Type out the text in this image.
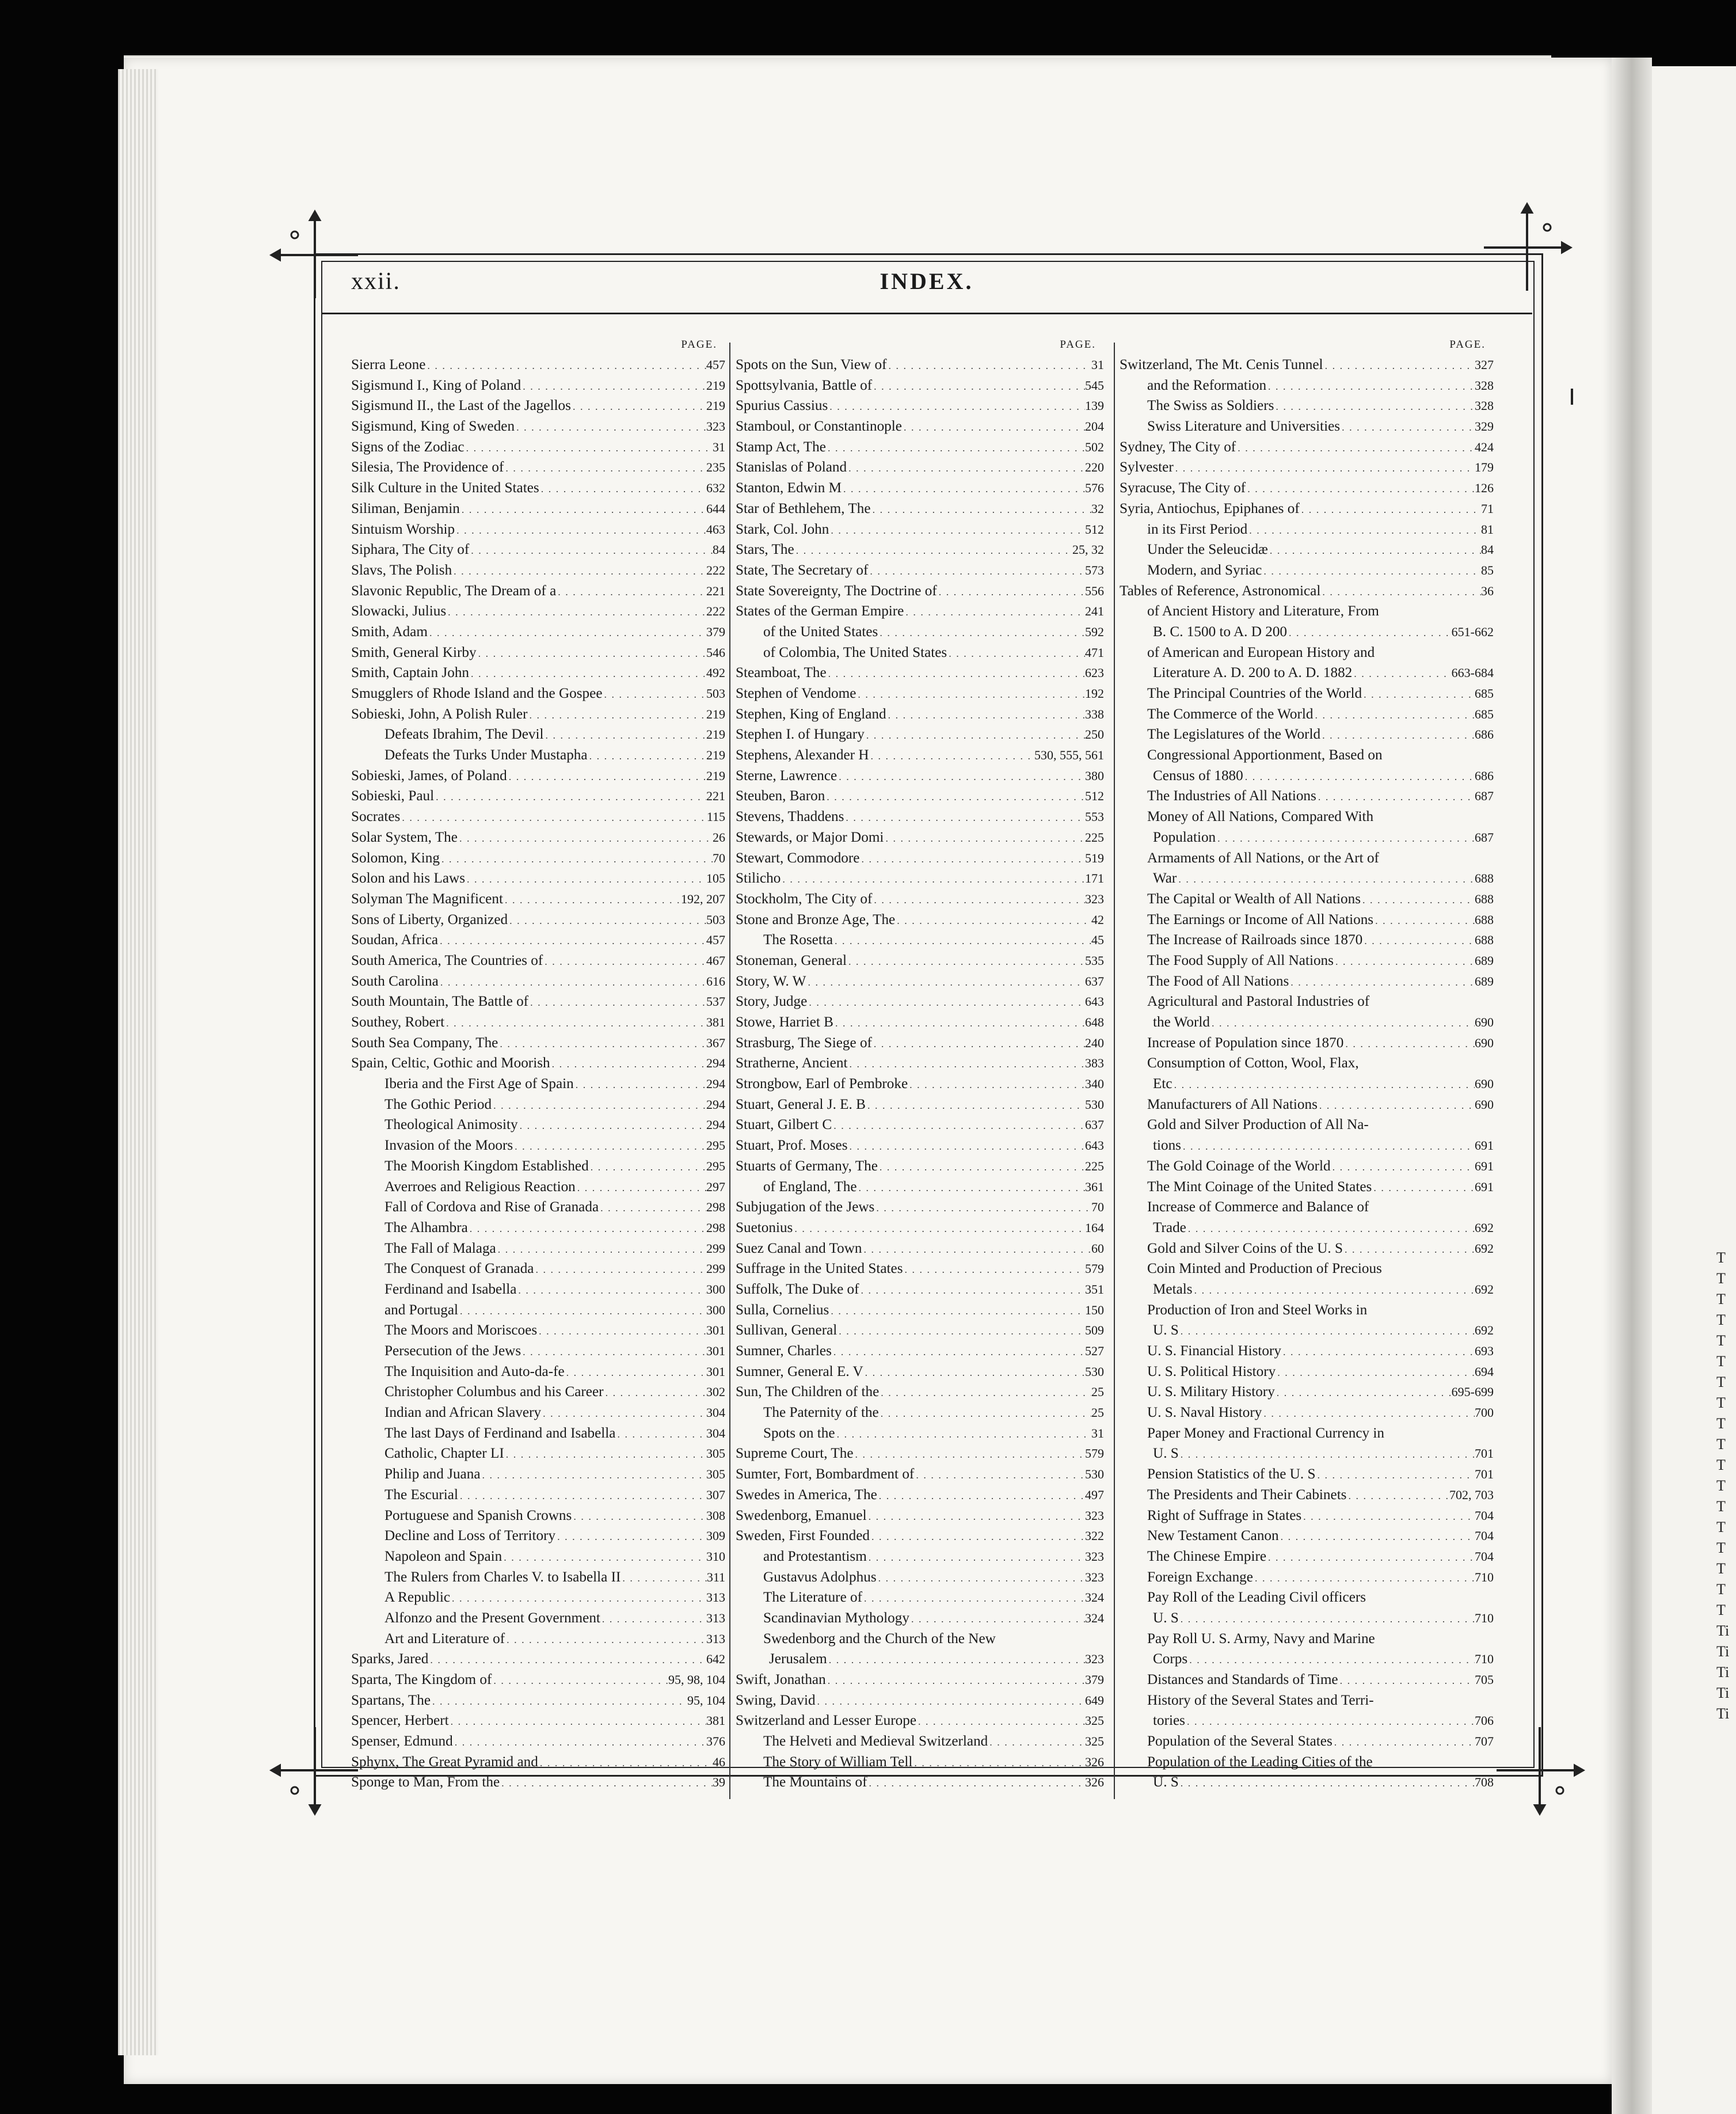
xxii.	INDEX.
PAGE.
Sierra Leone . . .	457
Sigismund I., King of Poland . . .	219
Sigismund II., the Last of the Jagellos . . .	219
Sigismund, King of Sweden . . .	323
Signs of the Zodiac . . .	31
Silesia, The Providence of . . .	235
Silk Culture in the United States . . .	632
Siliman, Benjamin . . .	644
Sintuism Worship . . .	463
Siphara, The City of . . .	84
Slavs, The Polish . . .	222
Slavonic Republic, The Dream of a . . .	221
Slowacki, Julius . . .	222
Smith, Adam . . .	379
Smith, General Kirby . . .	546
Smith, Captain John . . .	492
Smugglers of Rhode Island and the Gospee . . .	503
Sobieski, John, A Polish Ruler . . .	219
Defeats Ibrahim, The Devil . . .	219
Defeats the Turks Under Mustapha . . .	219
Sobieski, James, of Poland . . .	219
Sobieski, Paul . . .	221
Socrates . . .	115
Solar System, The . . .	26
Solomon, King . . .	70
Solon and his Laws . . .	105
Solyman The Magnificent . . .	192, 207
Sons of Liberty, Organized . . .	503
Soudan, Africa . . .	457
South America, The Countries of . . .	467
South Carolina . . .	616
South Mountain, The Battle of . . .	537
Southey, Robert . . .	381
South Sea Company, The . . .	367
Spain, Celtic, Gothic and Moorish . . .	294
Iberia and the First Age of Spain . . .	294
The Gothic Period . . .	294
Theological Animosity . . .	294
Invasion of the Moors . . .	295
The Moorish Kingdom Established . . .	295
Averroes and Religious Reaction . . .	297
Fall of Cordova and Rise of Granada . . .	298
The Alhambra . . .	298
The Fall of Malaga . . .	299
The Conquest of Granada . . .	299
Ferdinand and Isabella . . .	300
and Portugal . . .	300
The Moors and Moriscoes . . .	301
Persecution of the Jews . . .	301
The Inquisition and Auto-da-fe . . .	301
Christopher Columbus and his Career . . .	302
Indian and African Slavery . . .	304
The last Days of Ferdinand and Isabella . . .	304
Catholic, Chapter LI . . .	305
Philip and Juana . . .	305
The Escurial . . .	307
Portuguese and Spanish Crowns . . .	308
Decline and Loss of Territory . . .	309
Napoleon and Spain . . .	310
The Rulers from Charles V. to Isabella II . . .	311
A Republic . . .	313
Alfonzo and the Present Government . . .	313
Art and Literature of . . .	313
Sparks, Jared . . .	642
Sparta, The Kingdom of . . .	95, 98, 104
Spartans, The . . .	95, 104
Spencer, Herbert . . .	381
Spenser, Edmund . . .	376
Sphynx, The Great Pyramid and . . .	46
Sponge to Man, From the . . .	39
PAGE.
Spots on the Sun, View of . . .	31
Spottsylvania, Battle of . . .	545
Spurius Cassius . . .	139
Stamboul, or Constantinople . . .	204
Stamp Act, The . . .	502
Stanislas of Poland . . .	220
Stanton, Edwin M . . .	576
Star of Bethlehem, The . . .	32
Stark, Col. John . . .	512
Stars, The . . .	25, 32
State, The Secretary of . . .	573
State Sovereignty, The Doctrine of . . .	556
States of the German Empire . . .	241
of the United States . . .	592
of Colombia, The United States . . .	471
Steamboat, The . . .	623
Stephen of Vendome . . .	192
Stephen, King of England . . .	338
Stephen I. of Hungary . . .	250
Stephens, Alexander H . . .	530, 555, 561
Sterne, Lawrence . . .	380
Steuben, Baron . . .	512
Stevens, Thaddens . . .	553
Stewards, or Major Domi . . .	225
Stewart, Commodore . . .	519
Stilicho . . .	171
Stockholm, The City of . . .	323
Stone and Bronze Age, The . . .	42
The Rosetta . . .	45
Stoneman, General . . .	535
Story, W. W . . .	637
Story, Judge . . .	643
Stowe, Harriet B . . .	648
Strasburg, The Siege of . . .	240
Stratherne, Ancient . . .	383
Strongbow, Earl of Pembroke . . .	340
Stuart, General J. E. B . . .	530
Stuart, Gilbert C . . .	637
Stuart, Prof. Moses . . .	643
Stuarts of Germany, The . . .	225
of England, The . . .	361
Subjugation of the Jews . . .	70
Suetonius . . .	164
Suez Canal and Town . . .	60
Suffrage in the United States . . .	579
Suffolk, The Duke of . . .	351
Sulla, Cornelius . . .	150
Sullivan, General . . .	509
Sumner, Charles . . .	527
Sumner, General E. V . . .	530
Sun, The Children of the . . .	25
The Paternity of the . . .	25
Spots on the . . .	31
Supreme Court, The . . .	579
Sumter, Fort, Bombardment of . . .	530
Swedes in America, The . . .	497
Swedenborg, Emanuel . . .	323
Sweden, First Founded . . .	322
and Protestantism . . .	323
Gustavus Adolphus . . .	323
The Literature of . . .	324
Scandinavian Mythology . . .	324
Swedenborg and the Church of the New
Jerusalem . . .	323
Swift, Jonathan . . .	379
Swing, David . . .	649
Switzerland and Lesser Europe . . .	325
The Helveti and Medieval Switzerland . . .	325
The Story of William Tell . . .	326
The Mountains of . . .	326
PAGE.
Switzerland, The Mt. Cenis Tunnel . . .	327
and the Reformation . . .	328
The Swiss as Soldiers . . .	328
Swiss Literature and Universities . . .	329
Sydney, The City of . . .	424
Sylvester . . .	179
Syracuse, The City of . . .	126
Syria, Antiochus, Epiphanes of . . .	71
in its First Period . . .	81
Under the Seleucidæ . . .	84
Modern, and Syriac . . .	85
Tables of Reference, Astronomical . . .	36
of Ancient History and Literature, From
B. C. 1500 to A. D 200 . . .	651-662
of American and European History and
Literature A. D. 200 to A. D. 1882 . . .	663-684
The Principal Countries of the World . . .	685
The Commerce of the World . . .	685
The Legislatures of the World . . .	686
Congressional Apportionment, Based on
Census of 1880 . . .	686
The Industries of All Nations . . .	687
Money of All Nations, Compared With
Population . . .	687
Armaments of All Nations, or the Art of
War . . .	688
The Capital or Wealth of All Nations . . .	688
The Earnings or Income of All Nations . . .	688
The Increase of Railroads since 1870 . . .	688
The Food Supply of All Nations . . .	689
The Food of All Nations . . .	689
Agricultural and Pastoral Industries of
the World . . .	690
Increase of Population since 1870 . . .	690
Consumption of Cotton, Wool, Flax,
Etc . . .	690
Manufacturers of All Nations . . .	690
Gold and Silver Production of All Na-
tions . . .	691
The Gold Coinage of the World . . .	691
The Mint Coinage of the United States . . .	691
Increase of Commerce and Balance of
Trade . . .	692
Gold and Silver Coins of the U. S . . .	692
Coin Minted and Production of Precious
Metals . . .	692
Production of Iron and Steel Works in
U. S . . .	692
U. S. Financial History . . .	693
U. S. Political History . . .	694
U. S. Military History . . .	695-699
U. S. Naval History . . .	700
Paper Money and Fractional Currency in
U. S . . .	701
Pension Statistics of the U. S . . .	701
The Presidents and Their Cabinets . . .	702, 703
Right of Suffrage in States . . .	704
New Testament Canon . . .	704
The Chinese Empire . . .	704
Foreign Exchange . . .	710
Pay Roll of the Leading Civil officers
U. S . . .	710
Pay Roll U. S. Army, Navy and Marine
Corps . . .	710
Distances and Standards of Time . . .	705
History of the Several States and Terri-
tories . . .	706
Population of the Several States . . .	707
Population of the Leading Cities of the
U. S . . .	708
T
T
T
T
T
T
T
T
T
T
T
T
T
T
T
T
T
T
Ti
Ti
Ti
Ti
Ti
